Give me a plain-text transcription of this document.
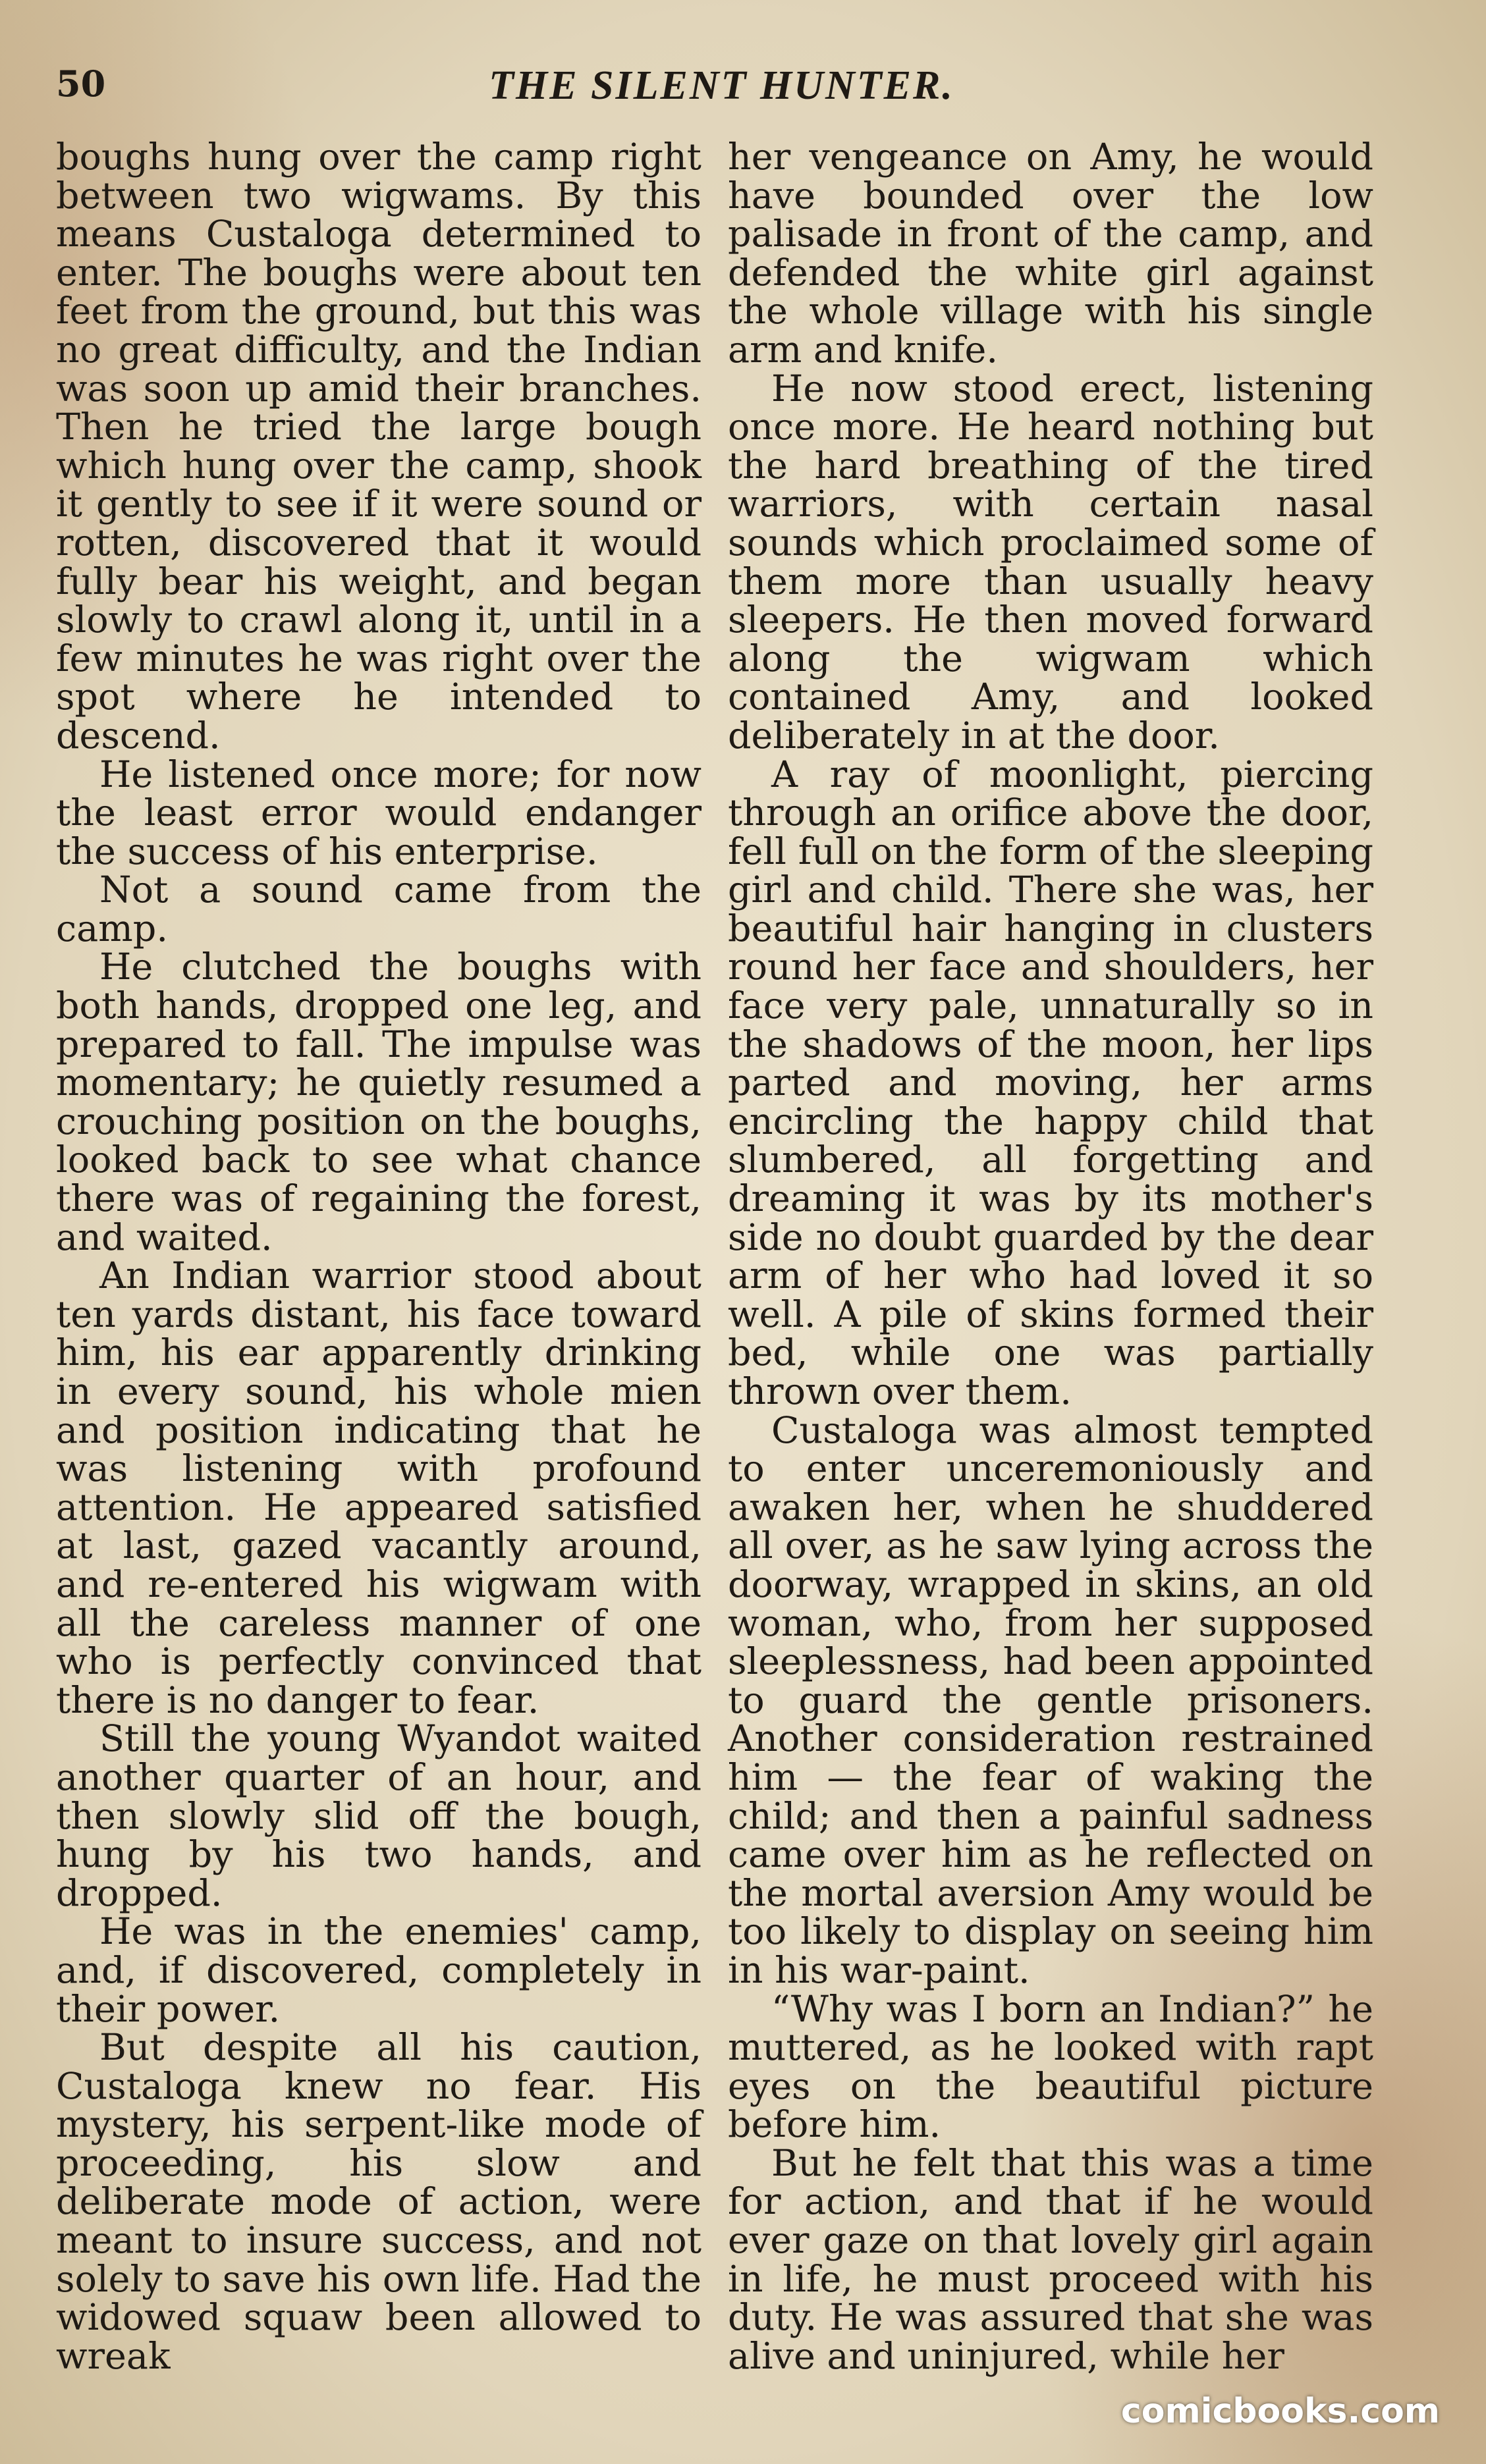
50	THE SILENT HUNTER.

boughs hung over the camp right between two wigwams. By this means Custaloga determined to enter. The boughs were about ten feet from the ground, but this was no great difficulty, and the Indian was soon up amid their branches. Then he tried the large bough which hung over the camp, shook it gently to see if it were sound or rotten, discovered that it would fully bear his weight, and began slowly to crawl along it, until in a few minutes he was right over the spot where he intended to descend.

He listened once more; for now the least error would endanger the success of his enterprise.

Not a sound came from the camp.

He clutched the boughs with both hands, dropped one leg, and prepared to fall. The impulse was momentary; he quietly resumed a crouching position on the boughs, looked back to see what chance there was of regaining the forest, and waited.

An Indian warrior stood about ten yards distant, his face toward him, his ear apparently drinking in every sound, his whole mien and position indicating that he was listening with profound attention. He appeared satisfied at last, gazed vacantly around, and re-entered his wigwam with all the careless manner of one who is perfectly convinced that there is no danger to fear.

Still the young Wyandot waited another quarter of an hour, and then slowly slid off the bough, hung by his two hands, and dropped.

He was in the enemies' camp, and, if discovered, completely in their power.

But despite all his caution, Custaloga knew no fear. His mystery, his serpent-like mode of proceeding, his slow and deliberate mode of action, were meant to insure success, and not solely to save his own life. Had the widowed squaw been allowed to wreak

her vengeance on Amy, he would have bounded over the low palisade in front of the camp, and defended the white girl against the whole village with his single arm and knife.

He now stood erect, listening once more. He heard nothing but the hard breathing of the tired warriors, with certain nasal sounds which proclaimed some of them more than usually heavy sleepers. He then moved forward along the wigwam which contained Amy, and looked deliberately in at the door.

A ray of moonlight, piercing through an orifice above the door, fell full on the form of the sleeping girl and child. There she was, her beautiful hair hanging in clusters round her face and shoulders, her face very pale, unnaturally so in the shadows of the moon, her lips parted and moving, her arms encircling the happy child that slumbered, all forgetting and dreaming it was by its mother's side no doubt guarded by the dear arm of her who had loved it so well. A pile of skins formed their bed, while one was partially thrown over them.

Custaloga was almost tempted to enter unceremoniously and awaken her, when he shuddered all over, as he saw lying across the doorway, wrapped in skins, an old woman, who, from her supposed sleeplessness, had been appointed to guard the gentle prisoners. Another consideration restrained him — the fear of waking the child; and then a painful sadness came over him as he reflected on the mortal aversion Amy would be too likely to display on seeing him in his war-paint.

“Why was I born an Indian?” he muttered, as he looked with rapt eyes on the beautiful picture before him.

But he felt that this was a time for action, and that if he would ever gaze on that lovely girl again in life, he must proceed with his duty. He was assured that she was alive and uninjured, while her

comicbooks.com
